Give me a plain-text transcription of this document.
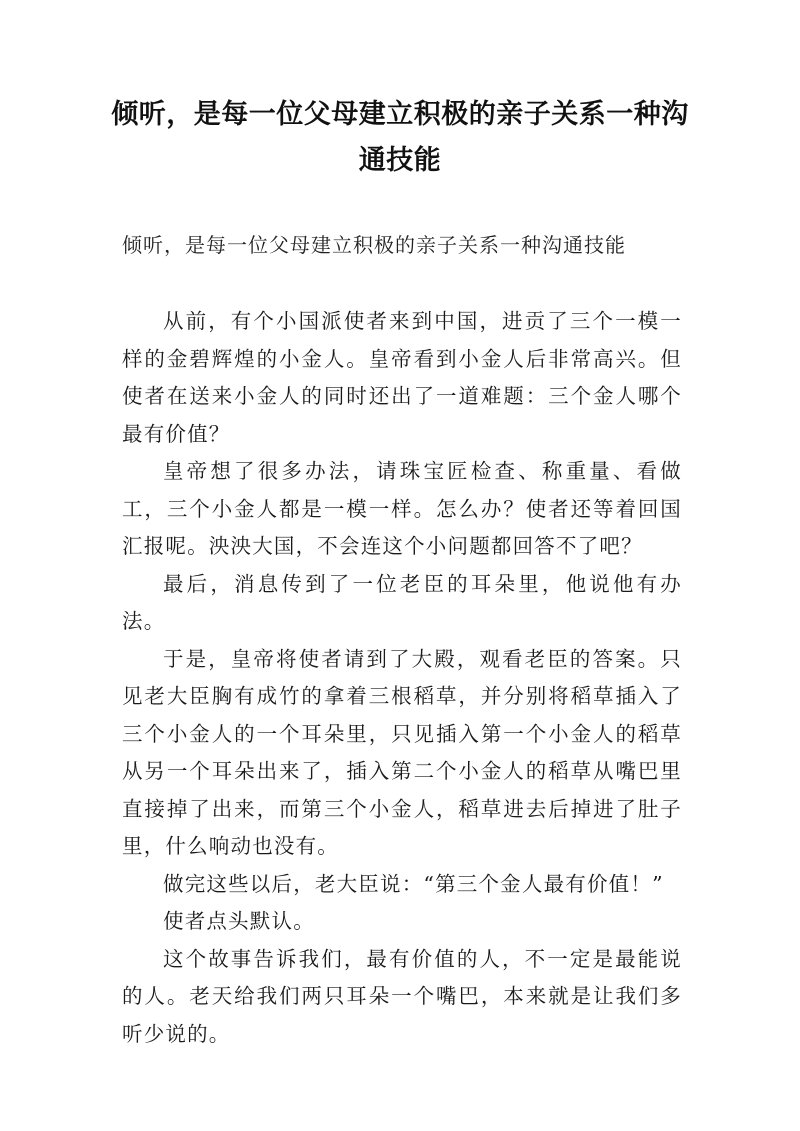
倾听，是每一位父母建立积极的亲子关系一种沟通技能
倾听，是每一位父母建立积极的亲子关系一种沟通技能

从前，有个小国派使者来到中国，进贡了三个一模一样的金碧辉煌的小金人。皇帝看到小金人后非常高兴。但使者在送来小金人的同时还出了一道难题：三个金人哪个最有价值？

皇帝想了很多办法，请珠宝匠检查、称重量、看做工，三个小金人都是一模一样。怎么办？使者还等着回国汇报呢。泱泱大国，不会连这个小问题都回答不了吧？

最后，消息传到了一位老臣的耳朵里，他说他有办法。

于是，皇帝将使者请到了大殿，观看老臣的答案。只见老大臣胸有成竹的拿着三根稻草，并分别将稻草插入了三个小金人的一个耳朵里，只见插入第一个小金人的稻草从另一个耳朵出来了，插入第二个小金人的稻草从嘴巴里直接掉了出来，而第三个小金人，稻草进去后掉进了肚子里，什么响动也没有。

做完这些以后，老大臣说：“第三个金人最有价值！”

使者点头默认。

这个故事告诉我们，最有价值的人，不一定是最能说的人。老天给我们两只耳朵一个嘴巴，本来就是让我们多听少说的。
